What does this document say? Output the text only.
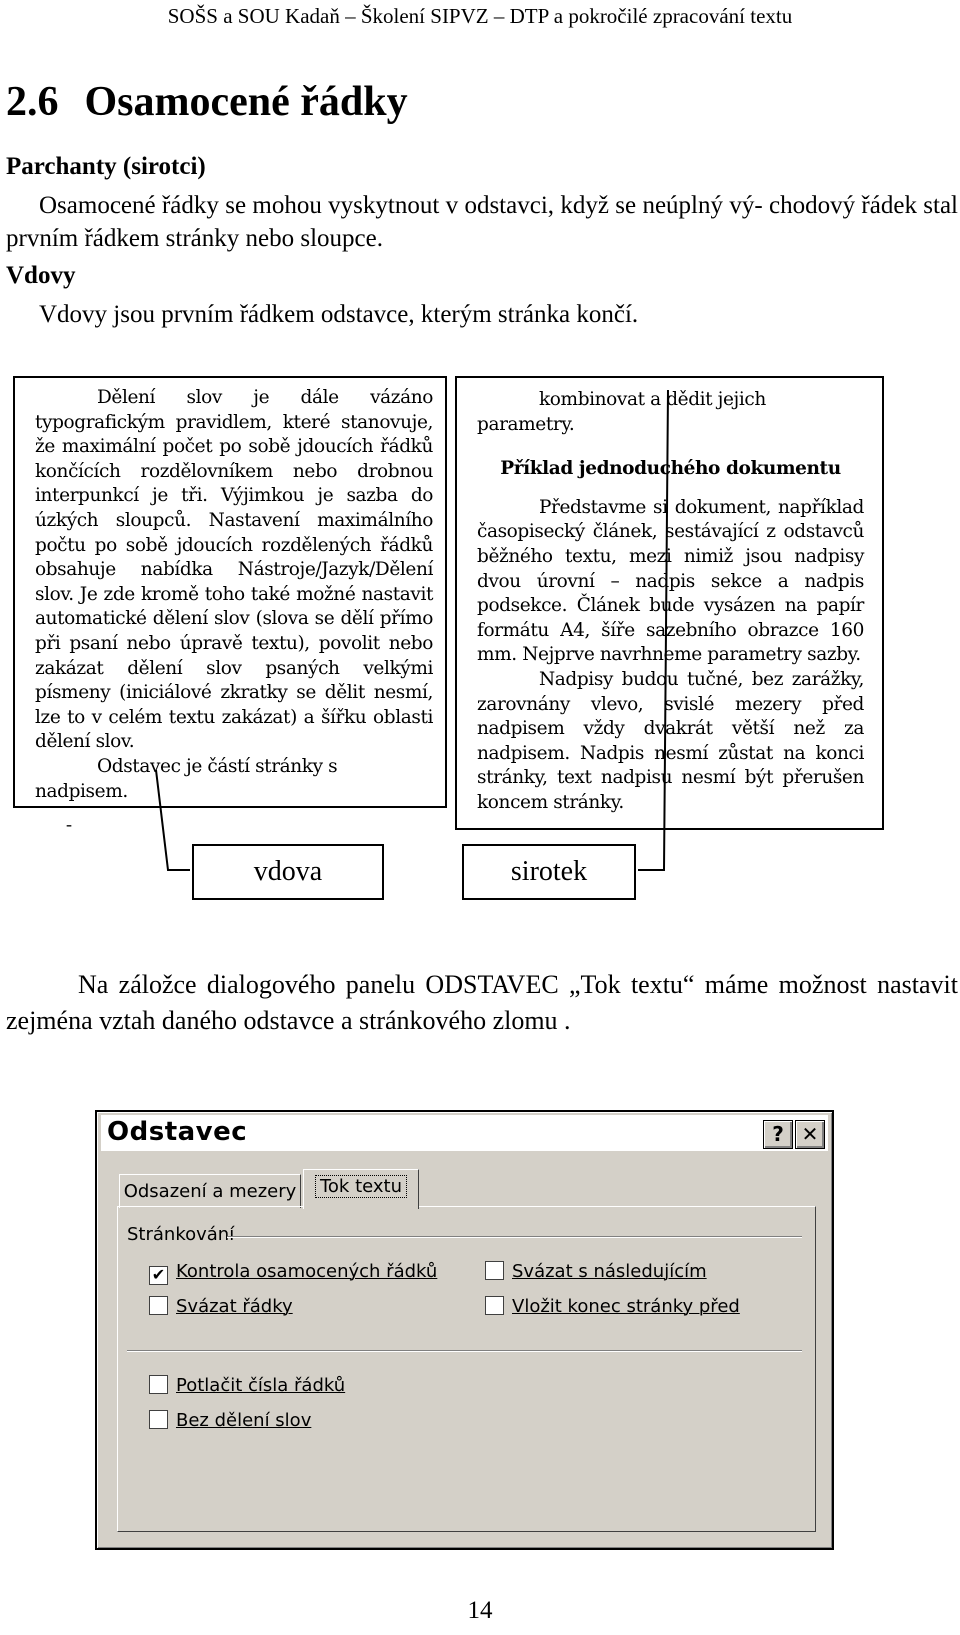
SOŠS a SOU Kadaň – Školení SIPVZ – DTP a pokročilé zpracování textu
2.6 Osamocené řádky
Parchanty (sirotci)
Osamocené řádky se mohou vyskytnout v odstavci, když se neúplný vý- chodový řádek stal prvním řádkem stránky nebo sloupce.
Vdovy
Vdovy jsou prvním řádkem odstavce, kterým stránka končí.

Dělení slov je dále vázáno typografickým pravidlem, které stanovuje, že maximální počet po sobě jdoucích řádků končících rozdělovníkem nebo drobnou interpunkcí je tři. Výjimkou je sazba do úzkých sloupců. Nastavení maximálního počtu po sobě jdoucích rozdělených řádků obsahuje nabídka Nástroje/Jazyk/Dělení slov. Je zde kromě toho také možné nastavit automatické dělení slov (slova se dělí přímo při psaní nebo úpravě textu), povolit nebo zakázat dělení slov psaných velkými písmeny (iniciálové zkratky se dělit nesmí, lze to v celém textu zakázat) a šířku oblasti dělení slov.

Odstavec je částí stránky s nadpisem.

kombinovat a dědit jejich parametry.

Příklad jednoduchého dokumentu

Představme si dokument, například časopisecký článek, sestávající z odstavců běžného textu, mezi nimiž jsou nadpisy dvou úrovní – nadpis sekce a nadpis podsekce. Článek bude vysázen na papír formátu A4, šíře sazebního obrazce 160 mm. Nejprve navrhneme parametry sazby.

Nadpisy budou tučné, bez zarážky, zarovnány vlevo, svislé mezery před nadpisem vždy dvakrát větší než za nadpisem. Nadpis nesmí zůstat na konci stránky, text nadpisu nesmí být přerušen koncem stránky.

-
vdova	sirotek
Na záložce dialogového panelu ODSTAVEC „Tok textu“ máme možnost nastavit zejména vztah daného odstavce a stránkového zlomu .
Odstavec	? ✕
Odsazení a mezery	Tok textu
Stránkování
✔ Kontrola osamocených řádků	Svázat s následujícím
Svázat řádky	Vložit konec stránky před
Potlačit čísla řádků
Bez dělení slov
14
